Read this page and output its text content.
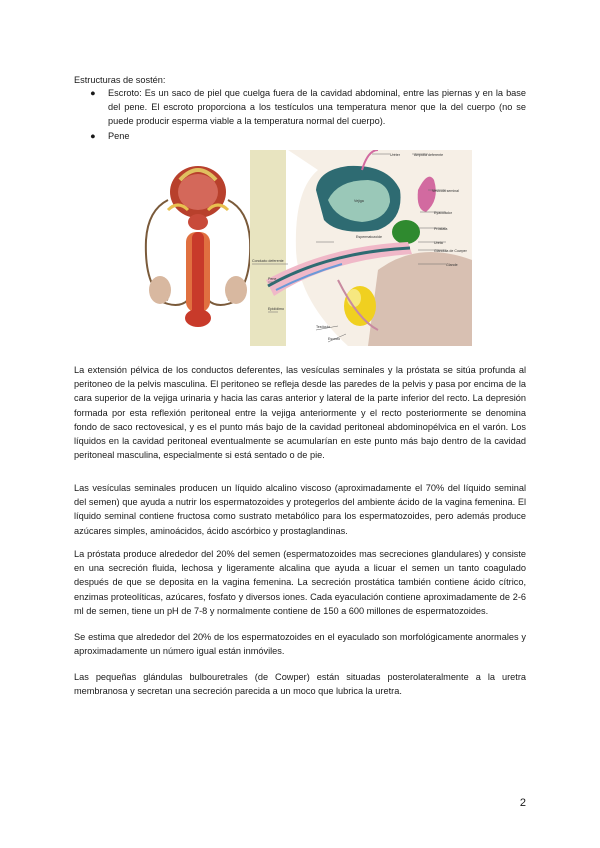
Estructuras de sostén:
● Escroto: Es un saco de piel que cuelga fuera de la cavidad abdominal, entre las piernas y en la base del pene. El escroto proporciona a los testículos una temperatura menor que la del cuerpo (no se puede producir esperma viable a la temperatura normal del cuerpo).
● Pene
Uréter	Ampolla deferente
Vesícula seminal
Eyaculador
Próstata
Espermatozoide
Ureta
Glándula de Cowper
Conducto deferente
Glande
Pene
Epidídimo
Testículo
Escroto
Vejiga
La extensión pélvica de los conductos deferentes, las vesículas seminales y la próstata se sitúa profunda al peritoneo de la pelvis masculina. El peritoneo se refleja desde las paredes de la pelvis y pasa por encima de la cara superior de la vejiga urinaria y hacia las caras anterior y lateral de la parte inferior del recto. La depresión formada por esta reflexión peritoneal entre la vejiga anteriormente y el recto posteriormente se denomina fondo de saco rectovesical, y es el punto más bajo de la cavidad peritoneal abdominopélvica en el varón. Los líquidos en la cavidad peritoneal eventualmente se acumularían en este punto más bajo dentro de la cavidad peritoneal masculina, especialmente si está sentado o de pie.
Las vesículas seminales producen un líquido alcalino viscoso (aproximadamente el 70% del líquido seminal del semen) que ayuda a nutrir los espermatozoides y protegerlos del ambiente ácido de la vagina femenina. El líquido seminal contiene fructosa como sustrato metabólico para los espermatozoides, pero además produce azúcares simples, aminoácidos, ácido ascórbico y prostaglandinas.
La próstata produce alrededor del 20% del semen (espermatozoides mas secreciones glandulares) y consiste en una secreción fluida, lechosa y ligeramente alcalina que ayuda a licuar el semen un tanto coagulado después de que se deposita en la vagina femenina. La secreción prostática también contiene ácido cítrico, enzimas proteolíticas, azúcares, fosfato y diversos iones. Cada eyaculación contiene aproximadamente de 2-6 ml de semen, tiene un pH de 7-8 y normalmente contiene de 150 a 600 millones de espermatozoides.
Se estima que alrededor del 20% de los espermatozoides en el eyaculado son morfológicamente anormales y aproximadamente un número igual están inmóviles.
Las pequeñas glándulas bulbouretrales (de Cowper) están situadas posterolateralmente a la uretra membranosa y secretan una secreción parecida a un moco que lubrica la uretra.
2
